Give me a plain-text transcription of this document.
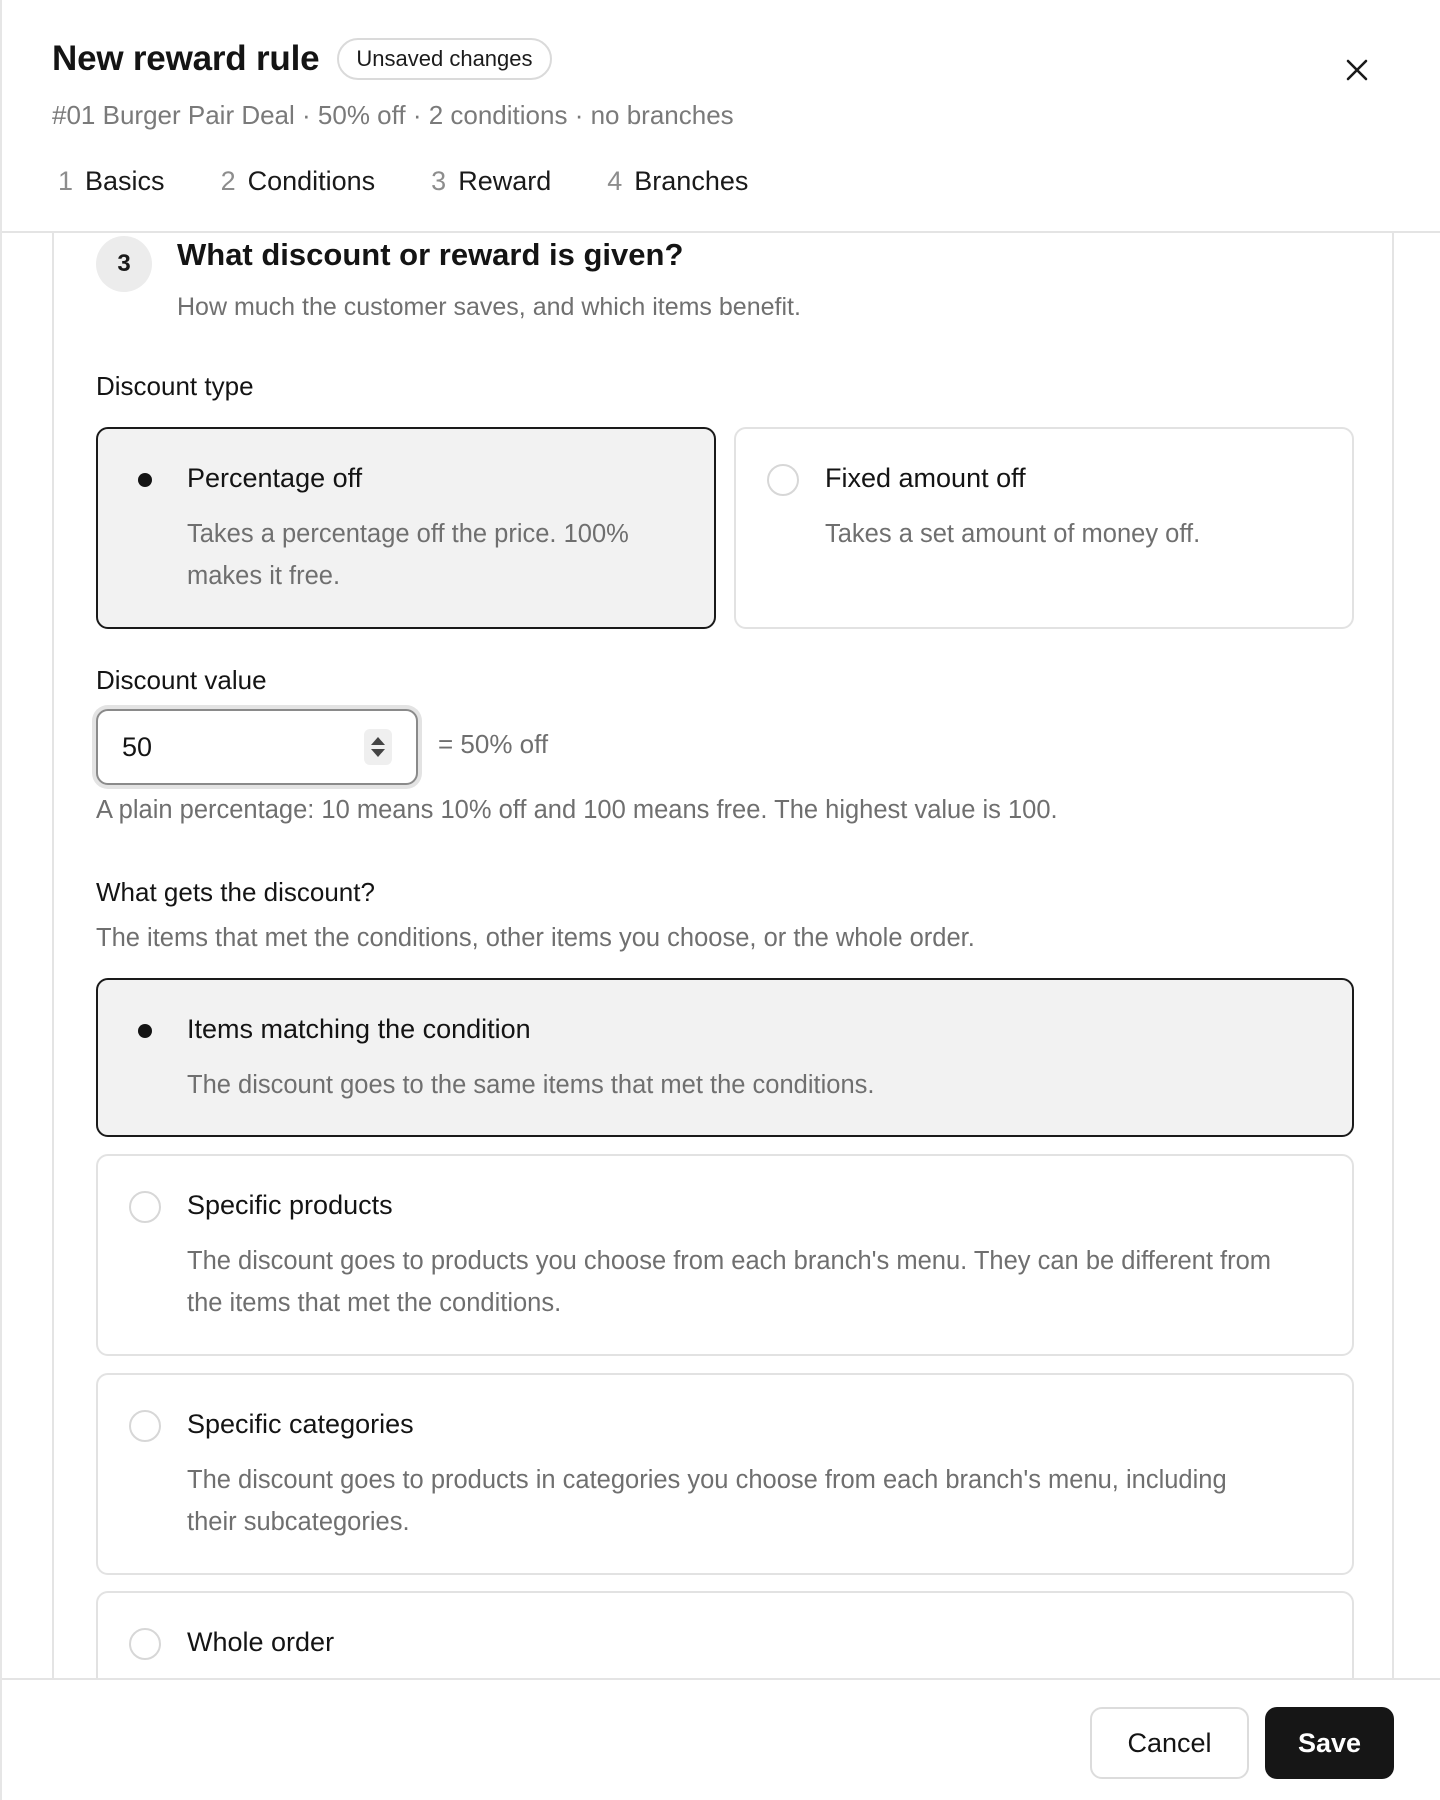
New reward rule	Unsaved changes
#01 Burger Pair Deal · 50% off · 2 conditions · no branches
1 Basics 2 Conditions 3 Reward 4 Branches
3	What discount or reward is given?
How much the customer saves, and which items benefit.
Discount type
Percentage off
Takes a percentage off the price. 100% makes it free.
Fixed amount off
Takes a set amount of money off.
Discount value
50	= 50% off
A plain percentage: 10 means 10% off and 100 means free. The highest value is 100.
What gets the discount?
The items that met the conditions, other items you choose, or the whole order.
Items matching the condition
The discount goes to the same items that met the conditions.
Specific products
The discount goes to products you choose from each branch's menu. They can be different from the items that met the conditions.
Specific categories
The discount goes to products in categories you choose from each branch's menu, including their subcategories.
Whole order
Cancel	Save
